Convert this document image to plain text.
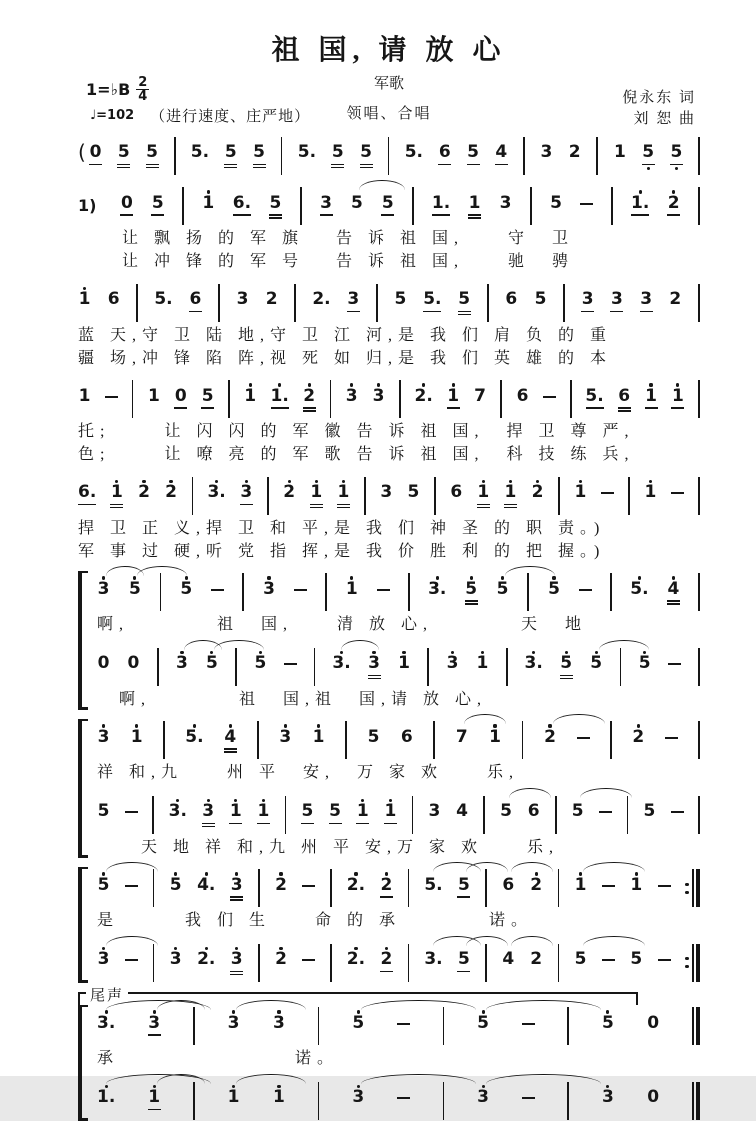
祖 国, 请 放 心
军歌
1=♭B $\frac{2}{4}$
♩=102 （进行速度、庄严地）	领唱、合唱
倪永东 词
刘 恕 曲
( 0 5 5 5. 5 5 5. 5 5 5. 6 5 4 3 2 1 5 5
1) 0 5 1 6. 5 3 5 5 1. 1 3 5	1. 2
　　让 飘 扬 的 军 旗　 告 诉 祖 国,　　守　卫
　　让 冲 锋 的 军 号　 告 诉 祖 国,　　驰　骋
1 6 5. 6 3 2 2. 3 5 5. 5 6 5 3 3 3 2
蓝 天,守 卫 陆 地,守 卫 江 河,是 我 们 肩 负 的 重
疆 场,冲 锋 陷 阵,视 死 如 归,是 我 们 英 雄 的 本
1	1 0 5 1 1. 2 3 3 2. 1 7 6	5. 6 1 1
托;　　 让 闪 闪 的 军 徽 告 诉 祖 国,　捍 卫 尊 严,
色;　　 让 嘹 亮 的 军 歌 告 诉 祖 国,　科 技 练 兵,
6. 1 2 2 3. 3 2 1 1 3 5 6 1 1 2 1	1
捍 卫 正 义,捍 卫 和 平,是 我 们 神 圣 的 职 责。)
军 事 过 硬,听 党 指 挥,是 我 价 胜 利 的 把 握。)
3 5 5	3	1	3. 5 5 5	5. 4
啊,　　　　祖　国,　　清 放 心,　　　　天　地
0 0 3 5 5	3. 3 1 3 1 3. 5 5 5
　啊,　　　　祖　国,祖　国,请 放 心,
3 1	5. 4	3 1	5 6	7 1	2	2
祥 和,九　　州 平　安,　万 家 欢　　乐,
5	3. 3 1 1 5 5 1 1 3 4 5 6 5	5
　　天 地 祥 和,九 州 平 安,万 家 欢　　乐,
5	5 4. 3 2	2. 2 5. 5 6 2 1	1
是　　　我 们 生　　命 的 承　　　　诺。
3	3 2. 3 2	2. 2 3. 5 4 2 5	5
尾声
3. 3	3 3	5	5	5 0
承　　　　　　　　诺。
1. 1	1 1	3	3	3 0
